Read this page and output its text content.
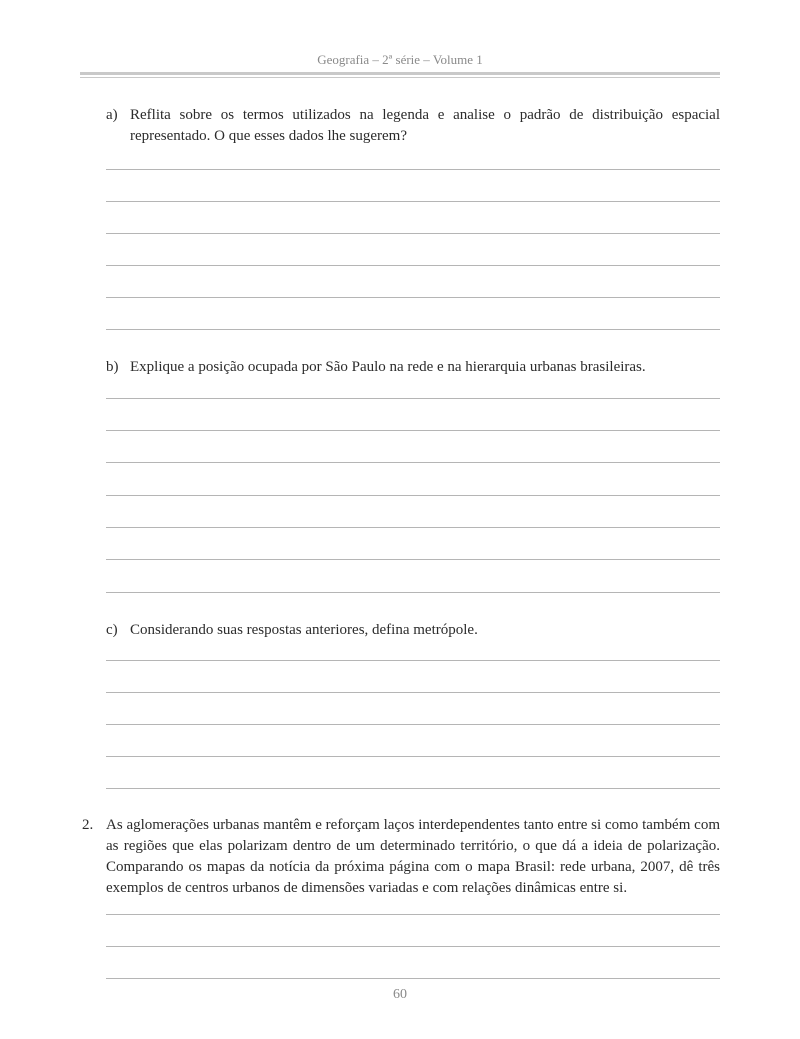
Geografia – 2ª série – Volume 1
a) Reflita sobre os termos utilizados na legenda e analise o padrão de distribuição espacial representado. O que esses dados lhe sugerem?
b) Explique a posição ocupada por São Paulo na rede e na hierarquia urbanas brasileiras.
c) Considerando suas respostas anteriores, defina metrópole.
2. As aglomerações urbanas mantêm e reforçam laços interdependentes tanto entre si como também com as regiões que elas polarizam dentro de um determinado território, o que dá a ideia de polarização. Comparando os mapas da notícia da próxima página com o mapa Brasil: rede urbana, 2007, dê três exemplos de centros urbanos de dimensões variadas e com relações dinâmicas entre si.
60
